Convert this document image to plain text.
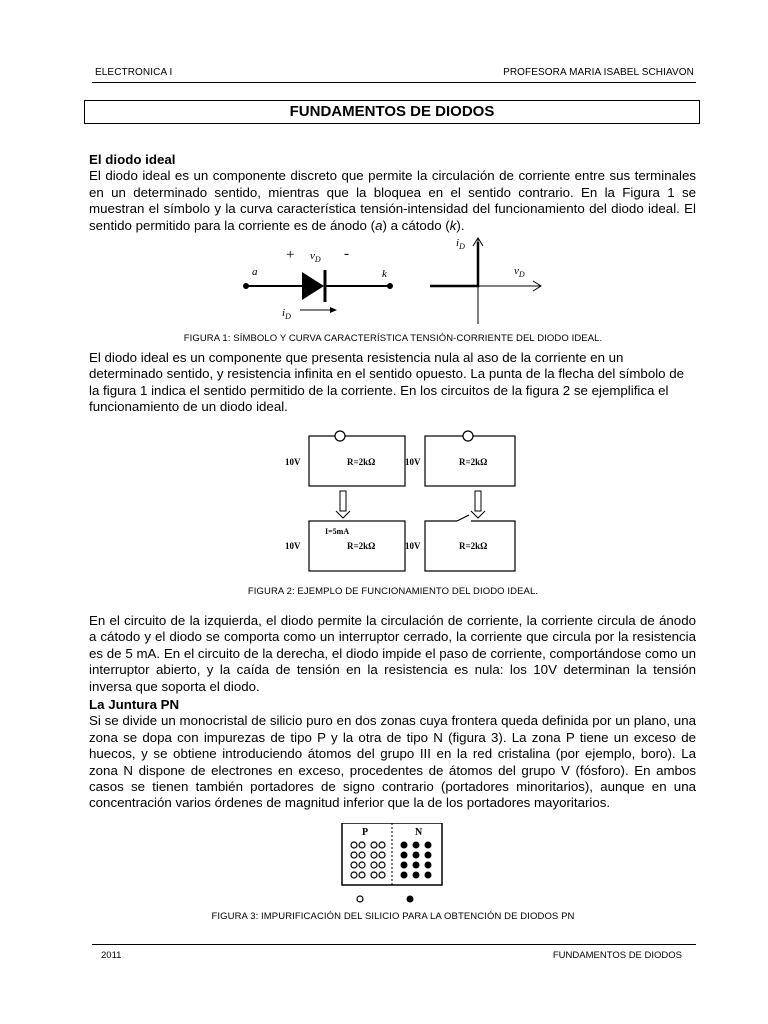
ELECTRONICA I	PROFESORA MARIA ISABEL SCHIAVON
FUNDAMENTOS DE DIODOS
El diodo ideal
El diodo ideal es un componente discreto que permite la circulación de corriente entre sus terminales en un determinado sentido, mientras que la bloquea en el sentido contrario. En la Figura 1 se muestran el símbolo y la curva característica tensión-intensidad del funcionamiento del diodo ideal. El sentido permitido para la corriente es de ánodo (a) a cátodo (k).
+ $v_D$ -
a	k
$i_D$
$i_D$
$v_D$
FIGURA 1: SÍMBOLO Y CURVA CARACTERÍSTICA TENSIÓN-CORRIENTE DEL DIODO IDEAL.
El diodo ideal es un componente que presenta resistencia nula al aso de la corriente en un determinado sentido, y resistencia infinita en el sentido opuesto. La punta de la flecha del símbolo de la figura 1 indica el sentido permitido de la corriente. En los circuitos de la figura 2 se ejemplifica el funcionamiento de un diodo ideal.
10V	R=2kΩ	10V	R=2kΩ
I=5mA
10V	R=2kΩ	10V	R=2kΩ
FIGURA 2: EJEMPLO DE FUNCIONAMIENTO DEL DIODO IDEAL.
En el circuito de la izquierda, el diodo permite la circulación de corriente, la corriente circula de ánodo a cátodo y el diodo se comporta como un interruptor cerrado, la corriente que circula por la resistencia es de 5 mA. En el circuito de la derecha, el diodo impide el paso de corriente, comportándose como un interruptor abierto, y la caída de tensión en la resistencia es nula: los 10V determinan la tensión inversa que soporta el diodo.
La Juntura PN
Si se divide un monocristal de silicio puro en dos zonas cuya frontera queda definida por un plano, una zona se dopa con impurezas de tipo P y la otra de tipo N (figura 3). La zona P tiene un exceso de huecos, y se obtiene introduciendo átomos del grupo III en la red cristalina (por ejemplo, boro). La zona N dispone de electrones en exceso, procedentes de átomos del grupo V (fósforo). En ambos casos se tienen también portadores de signo contrario (portadores minoritarios), aunque en una concentración varios órdenes de magnitud inferior que la de los portadores mayoritarios.
P	N
FIGURA 3: IMPURIFICACIÓN DEL SILICIO PARA LA OBTENCIÓN DE DIODOS PN
2011	FUNDAMENTOS DE DIODOS
